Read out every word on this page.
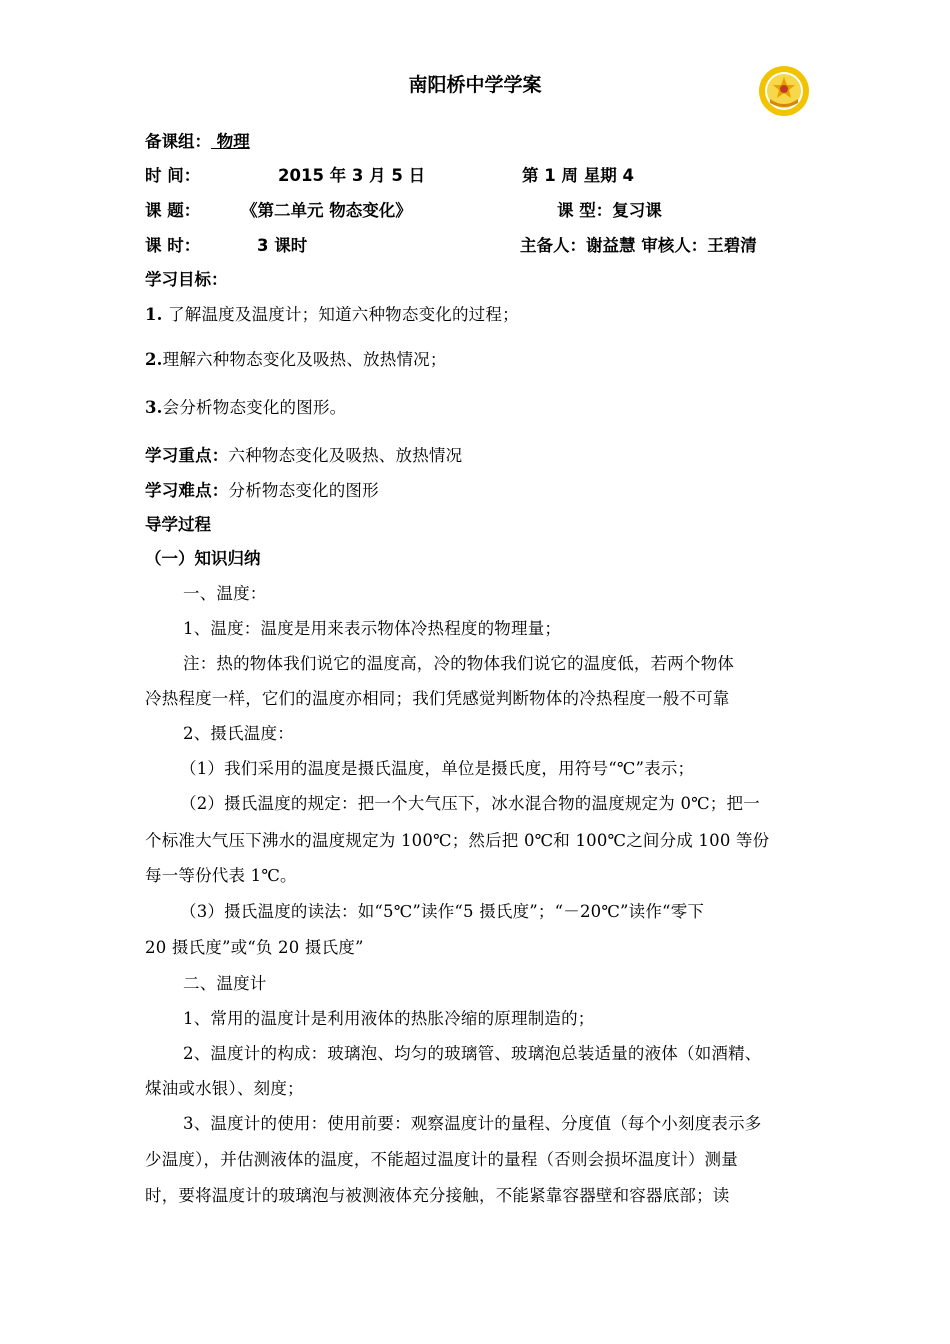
南阳桥中学学案
备课组： 物理
时 间：	2015 年 3 月 5 日	第 1 周 星期 4
课 题： 《第二单元 物态变化》	课 型：复习课
课 时：	3 课时	主备人：谢益慧 审核人：王碧清
学习目标：
1. 了解温度及温度计；知道六种物态变化的过程；
2.理解六种物态变化及吸热、放热情况；
3.会分析物态变化的图形。
学习重点：六种物态变化及吸热、放热情况
学习难点：分析物态变化的图形
导学过程
（一）知识归纳
一、温度：
1、温度：温度是用来表示物体冷热程度的物理量；
注：热的物体我们说它的温度高，冷的物体我们说它的温度低，若两个物体
冷热程度一样，它们的温度亦相同；我们凭感觉判断物体的冷热程度一般不可靠
2、摄氏温度：
（1）我们采用的温度是摄氏温度，单位是摄氏度，用符号“℃”表示；
（2）摄氏温度的规定：把一个大气压下，冰水混合物的温度规定为 0℃；把一
个标准大气压下沸水的温度规定为 100℃；然后把 0℃和 100℃之间分成 100 等份
每一等份代表 1℃。
（3）摄氏温度的读法：如“5℃”读作“5 摄氏度”；“－20℃”读作“零下
20 摄氏度”或“负 20 摄氏度”
二、温度计
1、常用的温度计是利用液体的热胀冷缩的原理制造的；
2、温度计的构成：玻璃泡、均匀的玻璃管、玻璃泡总装适量的液体（如酒精、
煤油或水银）、刻度；
3、温度计的使用：使用前要：观察温度计的量程、分度值（每个小刻度表示多
少温度），并估测液体的温度，不能超过温度计的量程（否则会损坏温度计）测量
时，要将温度计的玻璃泡与被测液体充分接触，不能紧靠容器壁和容器底部；读
